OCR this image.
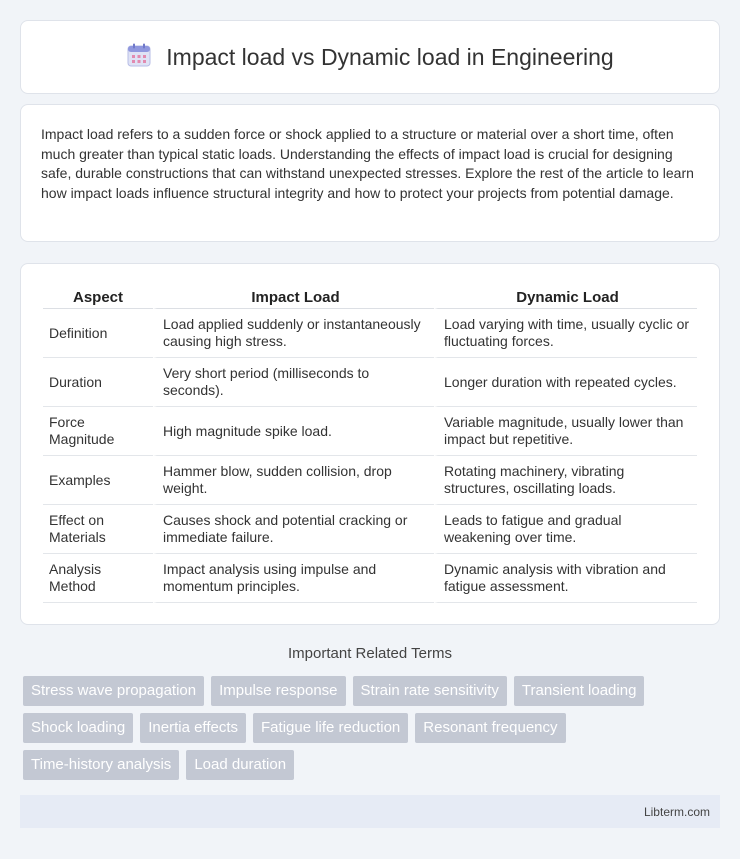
Impact load vs Dynamic load in Engineering

Impact load refers to a sudden force or shock applied to a structure or material over a short time, often much greater than typical static loads. Understanding the effects of impact load is crucial for designing safe, durable constructions that can withstand unexpected stresses. Explore the rest of the article to learn how impact loads influence structural integrity and how to protect your projects from potential damage.

Aspect	Impact Load	Dynamic Load
Definition	Load applied suddenly or instantaneously causing high stress.	Load varying with time, usually cyclic or fluctuating forces.
Duration	Very short period (milliseconds to seconds).	Longer duration with repeated cycles.
Force Magnitude	High magnitude spike load.	Variable magnitude, usually lower than impact but repetitive.
Examples	Hammer blow, sudden collision, drop weight.	Rotating machinery, vibrating structures, oscillating loads.
Effect on Materials	Causes shock and potential cracking or immediate failure.	Leads to fatigue and gradual weakening over time.
Analysis Method	Impact analysis using impulse and momentum principles.	Dynamic analysis with vibration and fatigue assessment.
Important Related Terms
Stress wave propagation	Impulse response	Strain rate sensitivity	Transient loading
Shock loading	Inertia effects	Fatigue life reduction	Resonant frequency
Time-history analysis	Load duration
Libterm.com
